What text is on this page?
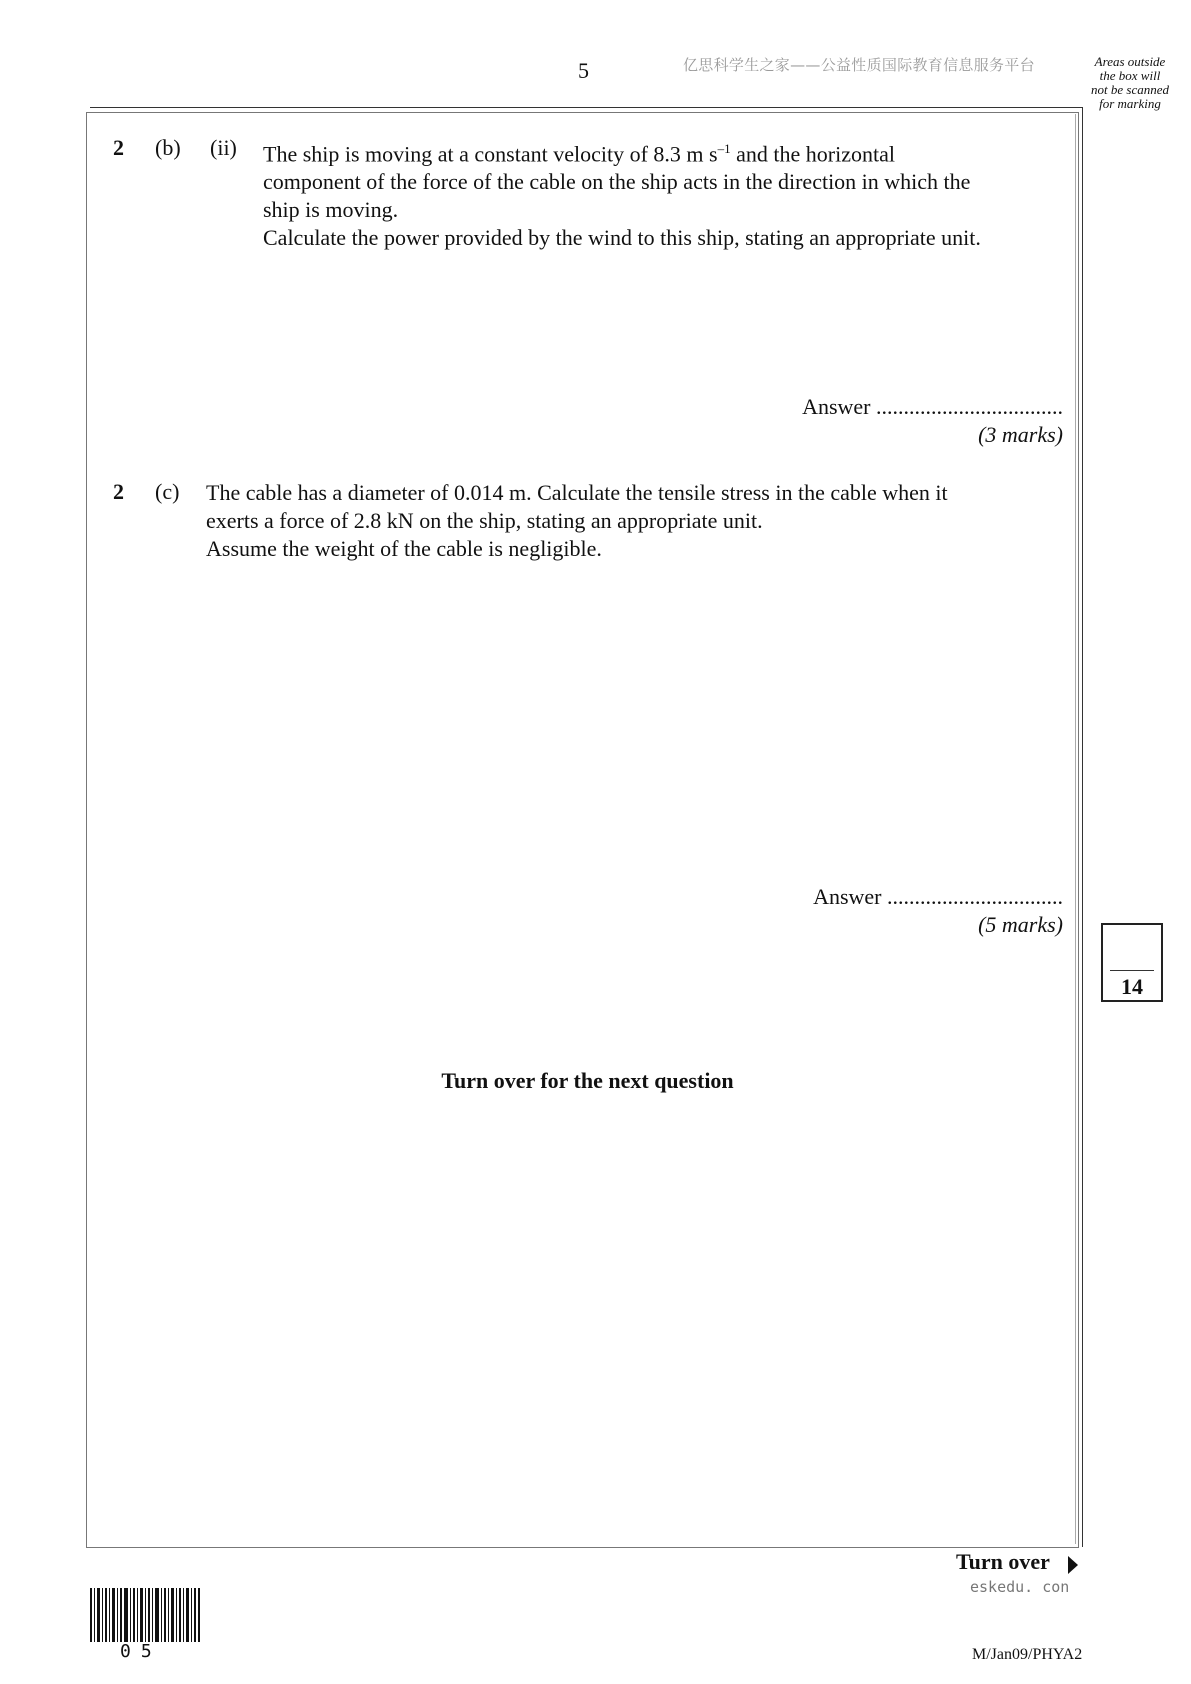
5	亿思科学生之家——公益性质国际教育信息服务平台	Areas outside
the box will
not be scanned
for marking
2 (b) (ii) The ship is moving at a constant velocity of 8.3 m $s^{-1}$ and the horizontal

component of the force of the cable on the ship acts in the direction in which the

ship is moving.

Calculate the power provided by the wind to this ship, stating an appropriate unit.

Answer ..................................
(3 marks)
2 (c) The cable has a diameter of 0.014 m. Calculate the tensile stress in the cable when it

exerts a force of 2.8 kN on the ship, stating an appropriate unit.

Assume the weight of the cable is negligible.

Answer ................................
(5 marks)
14
Turn over for the next question
Turn over
eskedu. con
05	M/Jan09/PHYA2
